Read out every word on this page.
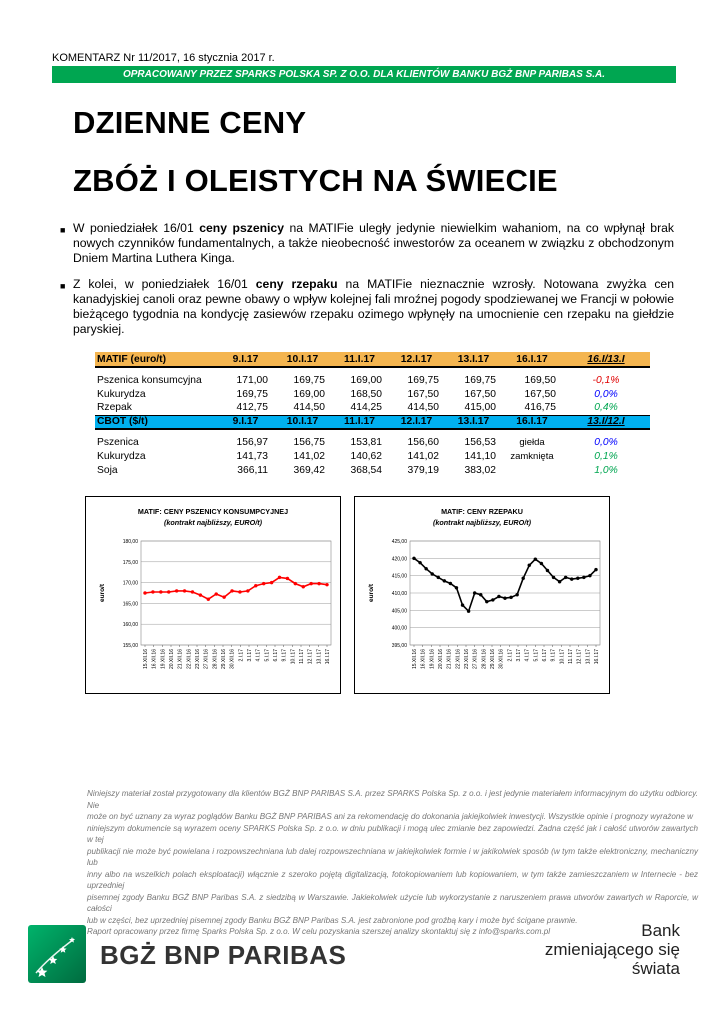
KOMENTARZ Nr 11/2017, 16 stycznia 2017 r.
OPRACOWANY PRZEZ SPARKS POLSKA SP. Z O.O. DLA KLIENTÓW BANKU BGŻ BNP PARIBAS S.A.
DZIENNE CENY
ZBÓŻ I OLEISTYCH NA ŚWIECIE
■ W poniedziałek 16/01 ceny pszenicy na MATIFie uległy jedynie niewielkim wahaniom, na co wpłynął brak nowych czynników fundamentalnych, a także nieobecność inwestorów za oceanem w związku z obchodzonym Dniem Martina Luthera Kinga.
■ Z kolei, w poniedziałek 16/01 ceny rzepaku na MATIFie nieznacznie wzrosły. Notowana zwyżka cen kanadyjskiej canoli oraz pewne obawy o wpływ kolejnej fali mroźnej pogody spodziewanej we Francji w połowie bieżącego tygodnia na kondycję zasiewów rzepaku ozimego wpłynęły na umocnienie cen rzepaku na giełdzie paryskiej.
MATIF (euro/t)	9.I.17	10.I.17	11.I.17	12.I.17	13.I.17	16.I.17	16.I/13.I

Pszenica konsumcyjna	171,00	169,75	169,00	169,75	169,75	169,50	-0,1%
Kukurydza	169,75	169,00	168,50	167,50	167,50	167,50	0,0%
Rzepak	412,75	414,50	414,25	414,50	415,00	416,75	0,4%
CBOT ($/t)	9.I.17	10.I.17	11.I.17	12.I.17	13.I.17	16.I.17	13.I/12.I

Pszenica	156,97	156,75	153,81	156,60	156,53	giełda	0,0%
Kukurydza	141,73	141,02	140,62	141,02	141,10	zamknięta	0,1%
Soja	366,11	369,42	368,54	379,19	383,02		1,0%
MATIF: CENY PSZENICY KONSUMPCYJNEJ
(kontrakt najbliższy, EURO/t)
155,00
160,00
165,00
170,00
175,00
180,00
euro/t
15.XII.16 16.XII.16 19.XII.16 20.XII.16 21.XII.16 22.XII.16 23.XII.16 27.XII.16 28.XII.16 29.XII.16 30.XII.16 2.I.17 3.I.17 4.I.17 5.I.17 6.I.17 9.I.17 10.I.17 11.I.17 12.I.17 13.I.17 16.I.17
MATIF: CENY RZEPAKU
(kontrakt najbliższy, EURO/t)
395,00
400,00
405,00
410,00
415,00
420,00
425,00
euro/t
15.XII.16 16.XII.16 19.XII.16 20.XII.16 21.XII.16 22.XII.16 23.XII.16 27.XII.16 28.XII.16 29.XII.16 30.XII.16 2.I.17 3.I.17 4.I.17 5.I.17 6.I.17 9.I.17 10.I.17 11.I.17 12.I.17 13.I.17 16.I.17
Niniejszy materiał został przygotowany dla klientów BGŻ BNP PARIBAS S.A. przez SPARKS Polska Sp. z o.o. i jest jedynie materiałem informacyjnym do użytku odbiorcy. Nie
może on być uznany za wyraz poglądów Banku BGŻ BNP PARIBAS ani za rekomendację do dokonania jakiejkolwiek inwestycji. Wszystkie opinie i prognozy wyrażone w
niniejszym dokumencie są wyrazem oceny SPARKS Polska Sp. z o.o. w dniu publikacji i mogą ulec zmianie bez zapowiedzi. Żadna część jak i całość utworów zawartych w tej
publikacji nie może być powielana i rozpowszechniana lub dalej rozpowszechniana w jakiejkolwiek formie i w jakikolwiek sposób (w tym także elektroniczny, mechaniczny lub
inny albo na wszelkich polach eksploatacji) włącznie z szeroko pojętą digitalizacją, fotokopiowaniem lub kopiowaniem, w tym także zamieszczaniem w Internecie - bez uprzedniej
pisemnej zgody Banku BGŻ BNP Paribas S.A. z siedzibą w Warszawie. Jakiekolwiek użycie lub wykorzystanie z naruszeniem prawa utworów zawartych w Raporcie, w całości
lub w części, bez uprzedniej pisemnej zgody Banku BGŻ BNP Paribas S.A. jest zabronione pod groźbą kary i może być ścigane prawnie.
Raport opracowany przez firmę Sparks Polska Sp. z o.o. W celu pozyskania szerszej analizy skontaktuj się z info@sparks.com.pl
BGŻ BNP PARIBAS
Bank
zmieniającego się
świata
